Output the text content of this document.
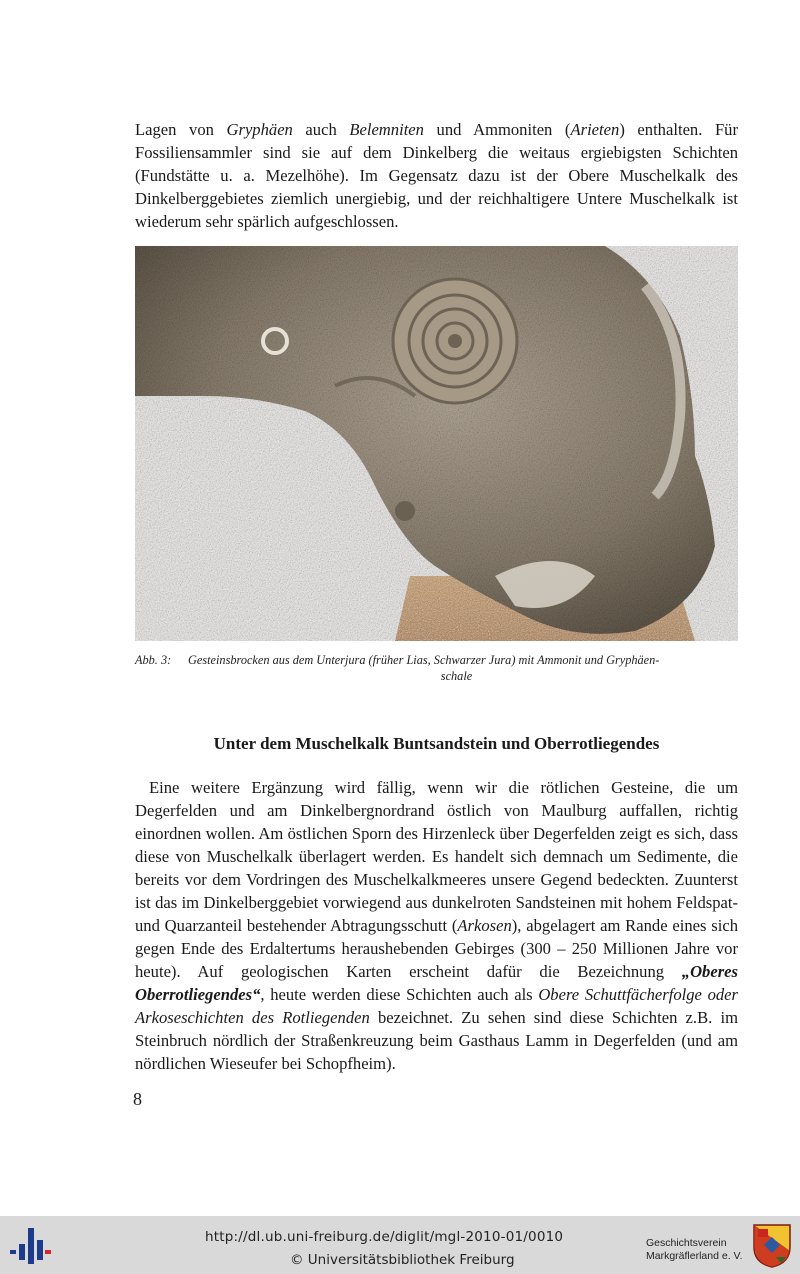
Lagen von Gryphäen auch Belemniten und Ammoniten (Arieten) enthalten. Für Fossiliensammler sind sie auf dem Dinkelberg die weitaus ergiebigsten Schichten (Fundstätte u. a. Mezelhöhe). Im Gegensatz dazu ist der Obere Muschelkalk des Dinkelberggebietes ziemlich unergiebig, und der reichhaltigere Untere Muschelkalk ist wiederum sehr spärlich aufgeschlossen.

Abb. 3: Gesteinsbrocken aus dem Unterjura (früher Lias, Schwarzer Jura) mit Ammonit und Gryphäen-
schale
Unter dem Muschelkalk Buntsandstein und Oberrotliegendes

Eine weitere Ergänzung wird fällig, wenn wir die rötlichen Gesteine, die um Degerfelden und am Dinkelbergnordrand östlich von Maulburg auffallen, richtig einordnen wollen. Am östlichen Sporn des Hirzenleck über Degerfelden zeigt es sich, dass diese von Muschelkalk überlagert werden. Es handelt sich demnach um Sedimente, die bereits vor dem Vordringen des Muschelkalkmeeres unsere Gegend bedeckten. Zuunterst ist das im Dinkelberggebiet vorwiegend aus dunkelroten Sandsteinen mit hohem Feldspat- und Quarzanteil bestehender Abtragungsschutt (Arkosen), abgelagert am Rande eines sich gegen Ende des Erdaltertums heraushebenden Gebirges (300 – 250 Millionen Jahre vor heute). Auf geologischen Karten erscheint dafür die Bezeichnung „Oberes Oberrotliegendes“, heute werden diese Schichten auch als Obere Schuttfächerfolge oder Arkoseschichten des Rotliegenden bezeichnet. Zu sehen sind diese Schichten z.B. im Steinbruch nördlich der Straßenkreuzung beim Gasthaus Lamm in Degerfelden (und am nördlichen Wieseufer bei Schopfheim).

8
http://dl.ub.uni-freiburg.de/diglit/mgl-2010-01/0010
© Universitätsbibliothek Freiburg
Geschichtsverein
Markgräflerland e. V.
